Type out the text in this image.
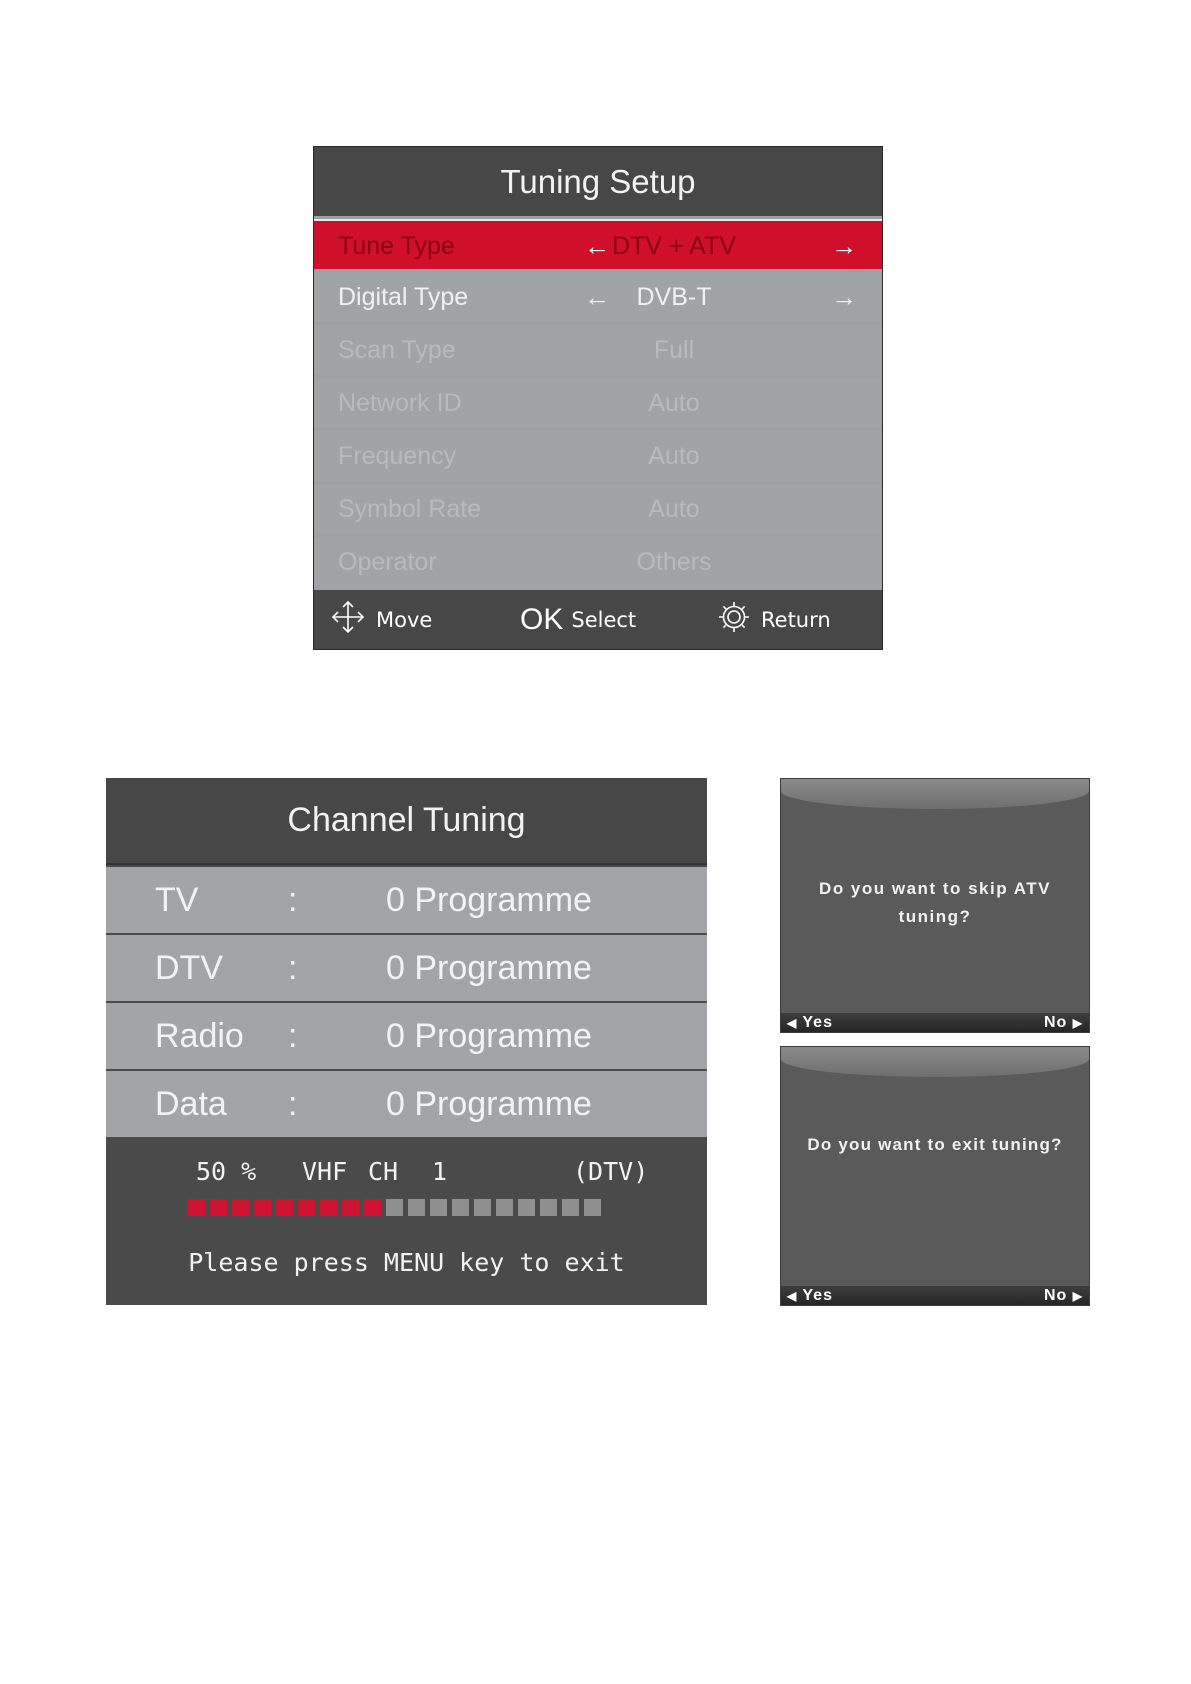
Tuning Setup
Tune Type	← DTV + ATV	→
Digital Type	← DVB-T	→
Scan Type	Full
Network ID	Auto
Frequency	Auto
Symbol Rate	Auto
Operator	Others
Move	OK Select	Return
Channel Tuning
TV	:	0 Programme
DTV :	0 Programme
Radio :	0 Programme
Data :	0 Programme
50 % VHF CH 1	(DTV)
Please press MENU key to exit
Do you want to skip ATV
tuning?
◀ Yes	No ▶
Do you want to exit tuning?
◀ Yes	No ▶
